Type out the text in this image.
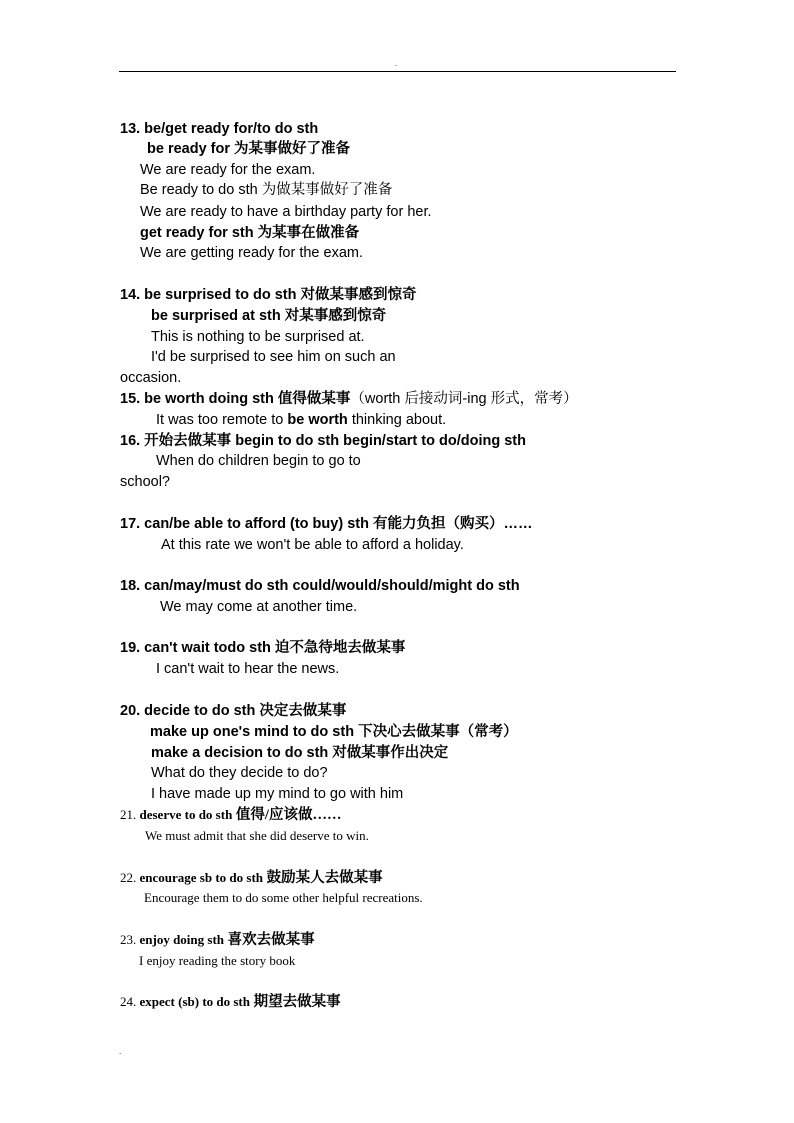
.
13. be/get ready for/to do sth
be ready for 为某事做好了准备
We are ready for the exam.
Be ready to do sth 为做某事做好了准备
We are ready to have a birthday party for her.
get ready for sth 为某事在做准备
We are getting ready for the exam.
14. be surprised to do sth 对做某事感到惊奇
be surprised at sth 对某事感到惊奇
This is nothing to be surprised at.
I'd be surprised to see him on such an
occasion.
15. be worth doing sth 值得做某事（worth 后接动词-ing 形式，常考）
It was too remote to be worth thinking about.
16. 开始去做某事 begin to do sth begin/start to do/doing sth
When do children begin to go to
school?
17. can/be able to afford (to buy) sth 有能力负担（购买）……
At this rate we won't be able to afford a holiday.
18. can/may/must do sth could/would/should/might do sth
We may come at another time.
19. can't wait todo sth 迫不急待地去做某事
I can't wait to hear the news.
20. decide to do sth 决定去做某事
make up one's mind to do sth 下决心去做某事（常考）
make a decision to do sth 对做某事作出决定
What do they decide to do?
I have made up my mind to go with him
21. deserve to do sth 值得/应该做……
We must admit that she did deserve to win.
22. encourage sb to do sth 鼓励某人去做某事
Encourage them to do some other helpful recreations.
23. enjoy doing sth 喜欢去做某事
I enjoy reading the story book
24. expect (sb) to do sth 期望去做某事
.
